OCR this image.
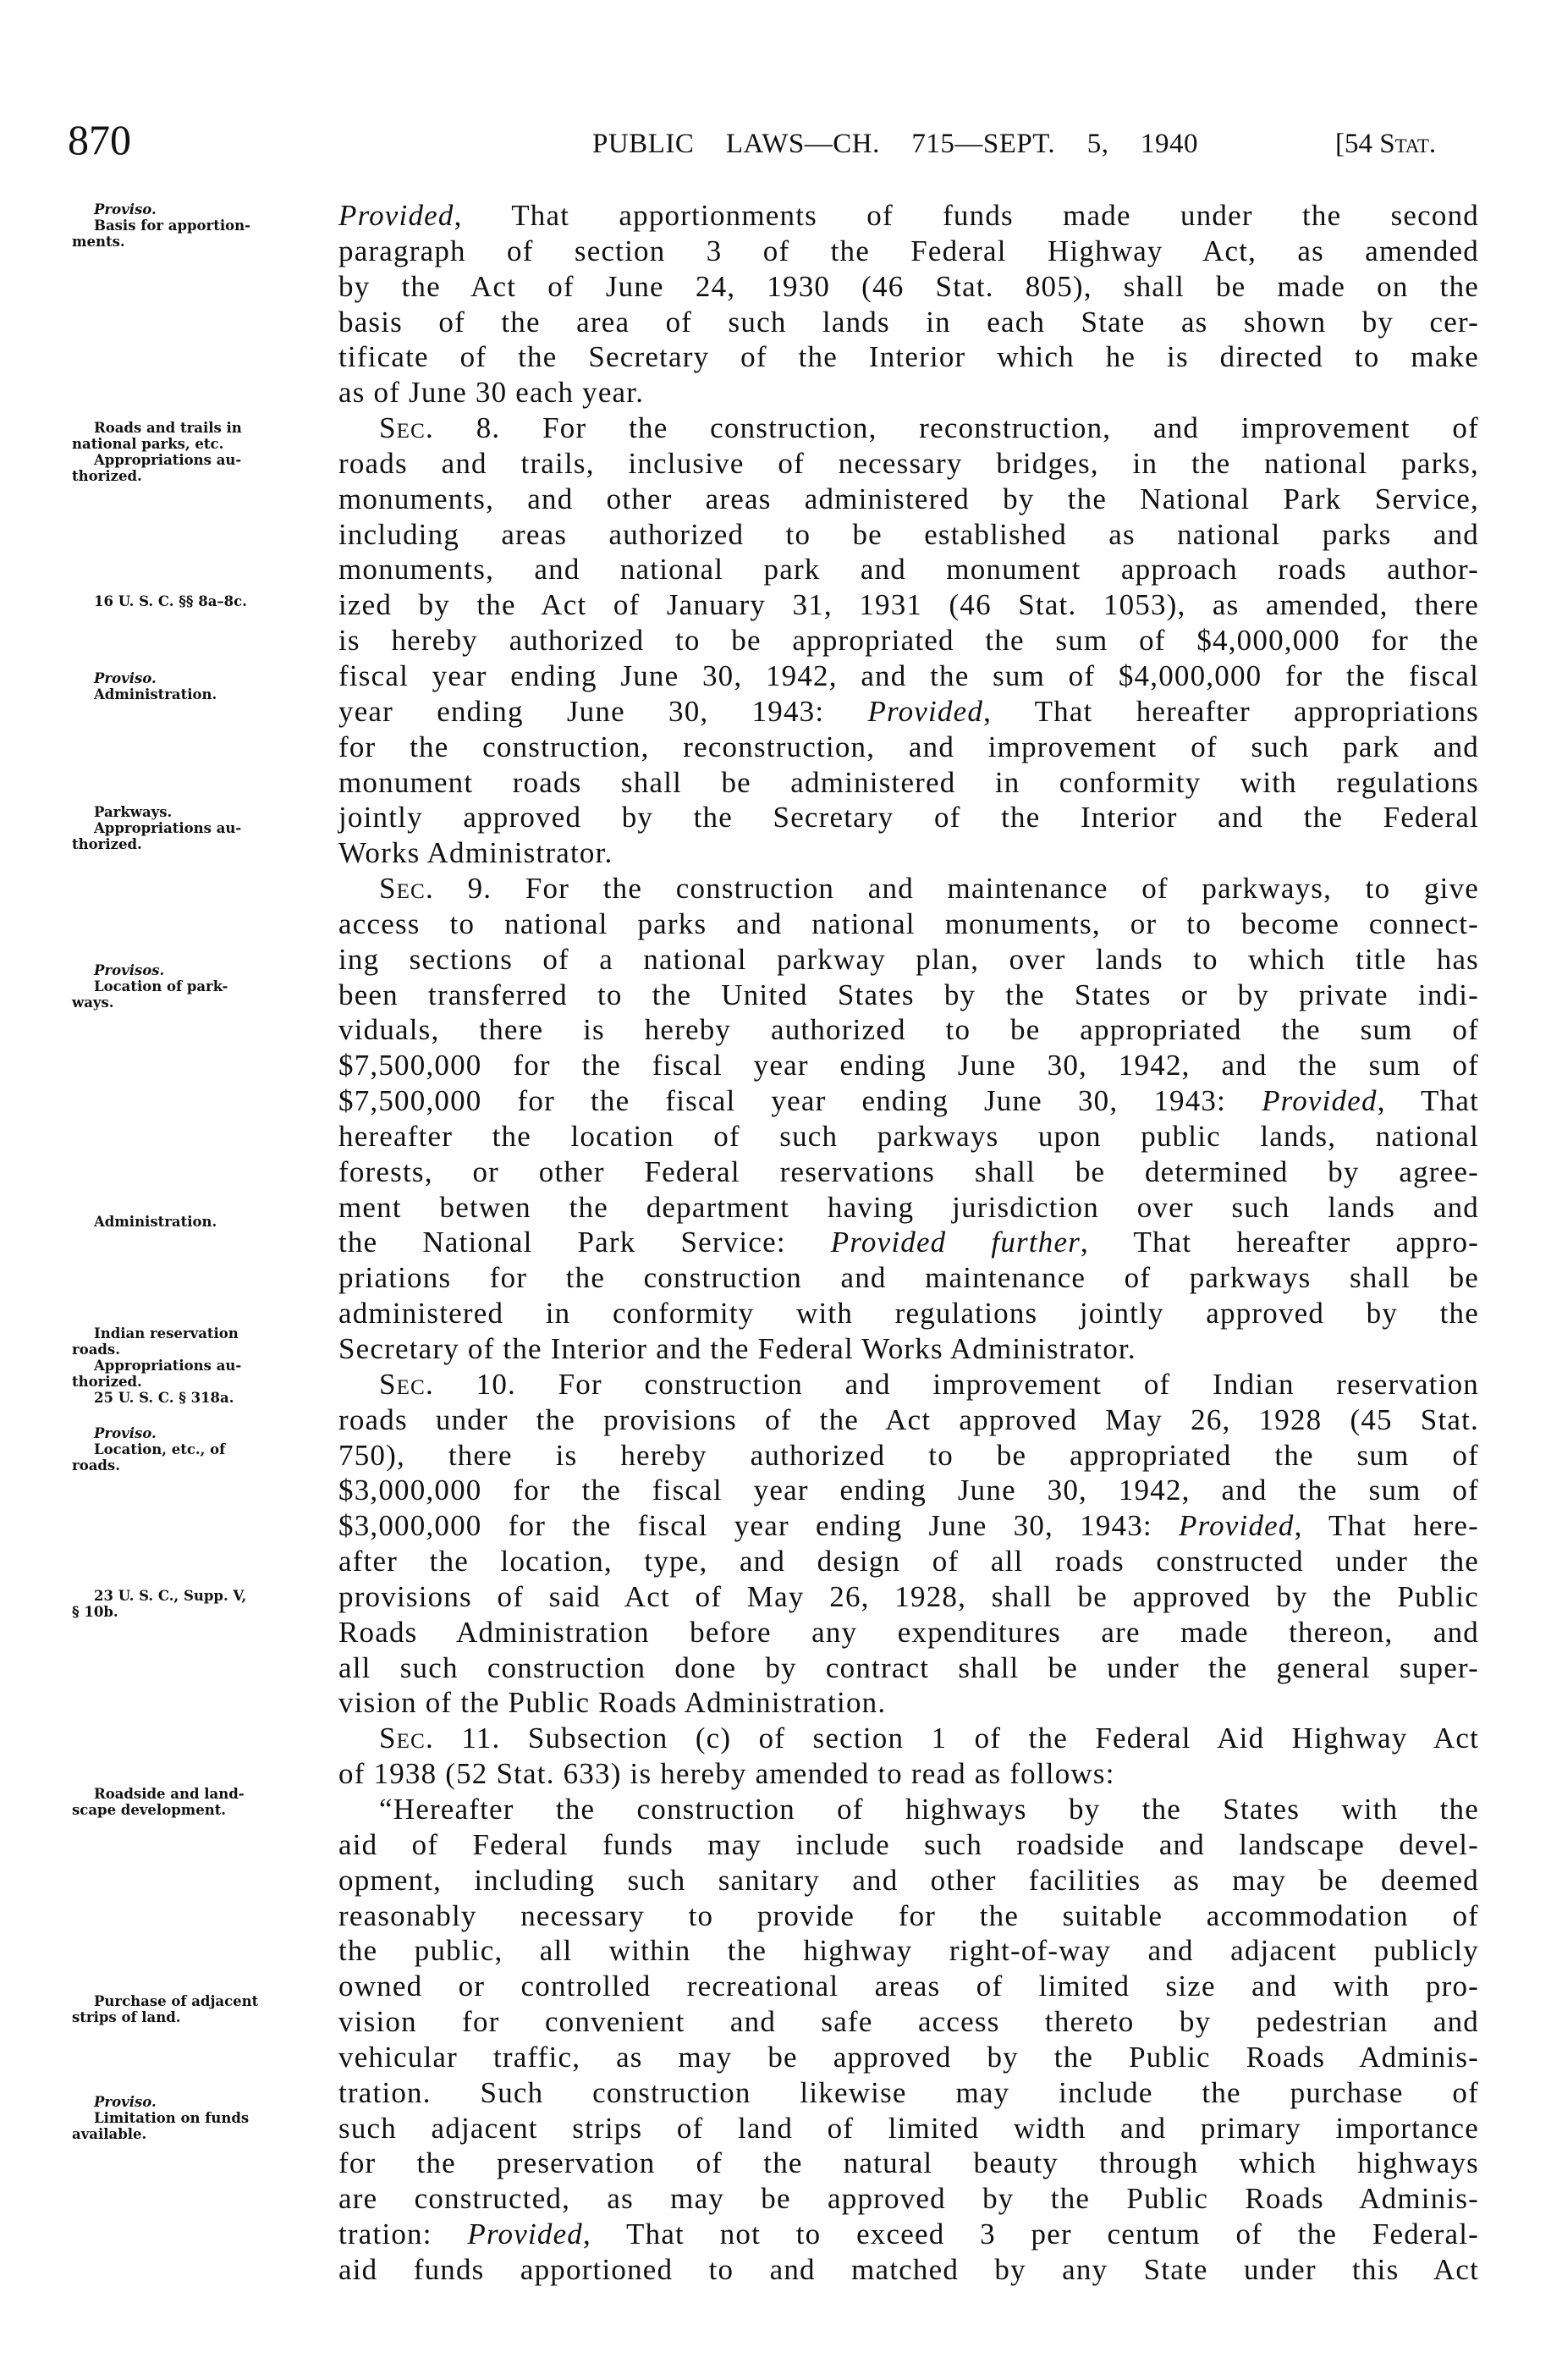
870	PUBLIC LAWS—CH. 715—SEPT. 5, 1940	[54 Stat.
Proviso.
Basis for apportion-
ments.
Roads and trails in
national parks, etc.
Appropriations au-
thorized.
16 U. S. C. §§ 8a–8c.
Proviso.
Administration.
Parkways.
Appropriations au-
thorized.
Provisos.
Location of park-
ways.
Administration.
Indian reservation
roads.
Appropriations au-
thorized.
25 U. S. C. § 318a.
Proviso.
Location, etc., of
roads.
23 U. S. C., Supp. V,
§ 10b.
Roadside and land-
scape development.
Purchase of adjacent
strips of land.
Proviso.
Limitation on funds
available.
Provided, That apportionments of funds made under the second
paragraph of section 3 of the Federal Highway Act, as amended
by the Act of June 24, 1930 (46 Stat. 805), shall be made on the
basis of the area of such lands in each State as shown by cer-
tificate of the Secretary of the Interior which he is directed to make
as of June 30 each year.
Sec. 8. For the construction, reconstruction, and improvement of
roads and trails, inclusive of necessary bridges, in the national parks,
monuments, and other areas administered by the National Park Service,
including areas authorized to be established as national parks and
monuments, and national park and monument approach roads author-
ized by the Act of January 31, 1931 (46 Stat. 1053), as amended, there
is hereby authorized to be appropriated the sum of $4,000,000 for the
fiscal year ending June 30, 1942, and the sum of $4,000,000 for the fiscal
year ending June 30, 1943: Provided, That hereafter appropriations
for the construction, reconstruction, and improvement of such park and
monument roads shall be administered in conformity with regulations
jointly approved by the Secretary of the Interior and the Federal
Works Administrator.
Sec. 9. For the construction and maintenance of parkways, to give
access to national parks and national monuments, or to become connect-
ing sections of a national parkway plan, over lands to which title has
been transferred to the United States by the States or by private indi-
viduals, there is hereby authorized to be appropriated the sum of
$7,500,000 for the fiscal year ending June 30, 1942, and the sum of
$7,500,000 for the fiscal year ending June 30, 1943: Provided, That
hereafter the location of such parkways upon public lands, national
forests, or other Federal reservations shall be determined by agree-
ment betwen the department having jurisdiction over such lands and
the National Park Service: Provided further, That hereafter appro-
priations for the construction and maintenance of parkways shall be
administered in conformity with regulations jointly approved by the
Secretary of the Interior and the Federal Works Administrator.
Sec. 10. For construction and improvement of Indian reservation
roads under the provisions of the Act approved May 26, 1928 (45 Stat.
750), there is hereby authorized to be appropriated the sum of
$3,000,000 for the fiscal year ending June 30, 1942, and the sum of
$3,000,000 for the fiscal year ending June 30, 1943: Provided, That here-
after the location, type, and design of all roads constructed under the
provisions of said Act of May 26, 1928, shall be approved by the Public
Roads Administration before any expenditures are made thereon, and
all such construction done by contract shall be under the general super-
vision of the Public Roads Administration.
Sec. 11. Subsection (c) of section 1 of the Federal Aid Highway Act
of 1938 (52 Stat. 633) is hereby amended to read as follows:
“Hereafter the construction of highways by the States with the
aid of Federal funds may include such roadside and landscape devel-
opment, including such sanitary and other facilities as may be deemed
reasonably necessary to provide for the suitable accommodation of
the public, all within the highway right-of-way and adjacent publicly
owned or controlled recreational areas of limited size and with pro-
vision for convenient and safe access thereto by pedestrian and
vehicular traffic, as may be approved by the Public Roads Adminis-
tration. Such construction likewise may include the purchase of
such adjacent strips of land of limited width and primary importance
for the preservation of the natural beauty through which highways
are constructed, as may be approved by the Public Roads Adminis-
tration: Provided, That not to exceed 3 per centum of the Federal-
aid funds apportioned to and matched by any State under this Act
